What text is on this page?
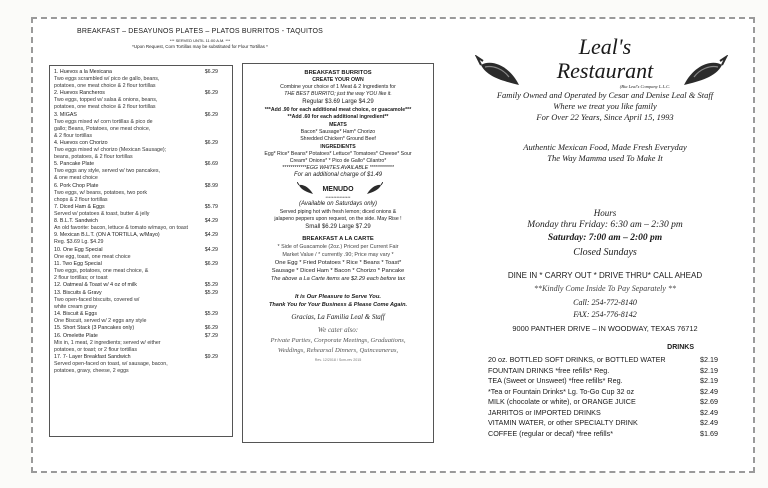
BREAKFAST – DESAYUNOS PLATES – PLATOS BURRITOS - TAQUITOS
*** SERVED UNTIL 11:00 A.M. ***
*Upon Request, Corn Tortillas may be substituted for Flour Tortillas *
1. Huevos a la Mexicana	$6.29
Two eggs scrambled w/ pico de gallo, beans,
potatoes, one meat choice & 2 flour tortillas
2. Huevos Rancheros	$6.29
Two eggs, topped w/ salsa & onions, beans,
potatoes, one meat choice & 2 flour tortillas
3. MIGAS	$6.29
Two eggs mixed w/ corn tortillas & pico de
gallo; Beans, Potatoes, one meat choice,
& 2 flour tortillas
4. Huevos con Chorizo	$6.29
Two eggs mixed w/ chorizo (Mexican Sausage);
beans, potatoes, & 2 flour tortillas
5. Pancake Plate	$6.69
Two eggs any style, served w/ two pancakes,
& one meat choice
6. Pork Chop Plate	$8.99
Two eggs, w/ beans, potatoes, two pork
chops & 2 flour tortillas
7. Diced Ham & Eggs	$5.79
Served w/ potatoes & toast, butter & jelly
8. B.L.T. Sandwich	$4.29
An old favorite: bacon, lettuce & tomato w/mayo, on toast
9. Mexican B.L.T. (ON A TORTILLA, w/Mayo)	$4.29
Reg. $3.69 Lg. $4.29
10. One Egg Special	$4.29
One egg, toast, one meat choice
11. Two Egg Special	$6.29
Two eggs, potatoes, one meat choice, &
2 flour tortillas; or toast
12. Oatmeal & Toast w/ 4 oz of milk	$5.29
13. Biscuits & Gravy	$5.29
Two open-faced biscuits, covered w/
white cream gravy
14. Biscuit & Eggs	$5.29
One Biscuit, served w/ 2 eggs any style
15. Short Stack (3 Pancakes only)	$6.29
16. Omelette Plate	$7.29
Mix in, 1 meat, 2 ingredients; served w/ either
potatoes, or toast; or 2 flour tortillas
17. 7- Layer Breakfast Sandwich	$9.29
Served open-faced on toast, w/ sausage, bacon,
potatoes, gravy, cheese, 2 eggs
BREAKFAST BURRITOS
CREATE YOUR OWN
Combine your choice of 1 Meat & 2 Ingredients for
THE BEST BURRITO; just the way YOU like it.
Regular $3.69 Large $4.29
***Add .90 for each additional meat choice, or guacamole***
**Add .60 for each additional ingredient**
MEATS
Bacon* Sausage* Ham* Chorizo
Shredded Chicken* Ground Beef
INGREDIENTS
Egg* Rice* Beans* Potatoes* Lettuce* Tomatoes* Cheese* Sour
Cream* Onions* * Pico de Gallo* Cilantro*
************EGG WHITES AVAILABLE ************
For an additional charge of $1.49
MENUDO
****************
(Available on Saturdays only)
Served piping hot with fresh lemon; diced onions &
jalapeno peppers upon request, on the side. May Rise !
Small $6.29 Large $7.29
BREAKFAST A LA CARTE
* Side of Guacamole (2oz.) Priced per Current Fair
Market Value / * currently .90; Price may vary *
One Egg * Fried Potatoes * Rice * Beans * Toast*
Sausage * Diced Ham * Bacon * Chorizo * Pancake
The above a La Carte items are $2.29 each before tax
It is Our Pleasure to Serve You.
Thank You for Your Business & Please Come Again.
Gracias, La Familia Leal & Staff
We cater also:
Private Parties, Corporate Meetings, Graduations,
Weddings, Rehearsal Dinners, Quinceaneras,
Rev. 12/2018 / Scm-rev 2015
Leal's
Restaurant
(Bia Leal's Company L.L.C.
Family Owned and Operated by Cesar and Denise Leal & Staff
Where we treat you like family
For Over 22 Years, Since April 15, 1993
Authentic Mexican Food, Made Fresh Everyday
The Way Mamma used To Make It
Hours
Monday thru Friday: 6:30 am – 2:30 pm
Saturday: 7:00 am – 2:00 pm
Closed Sundays
DINE IN * CARRY OUT * DRIVE THRU* CALL AHEAD
**Kindly Come Inside To Pay Separately **
Call: 254-772-8140
FAX: 254-776-8142
9000 PANTHER DRIVE – IN WOODWAY, TEXAS 76712
DRINKS
20 oz. BOTTLED SOFT DRINKS, or BOTTLED WATER	$2.19
FOUNTAIN DRINKS *free refills* Reg.	$2.19
TEA (Sweet or Unsweet) *free refills* Reg.	$2.19
*Tea or Fountain Drinks* Lg. To-Go Cup 32 oz	$2.49
MILK (chocolate or white), or ORANGE JUICE	$2.69
JARRITOS or IMPORTED DRINKS	$2.49
VITAMIN WATER, or other SPECIALTY DRINK	$2.49
COFFEE (regular or decaf) *free refills*	$1.69
